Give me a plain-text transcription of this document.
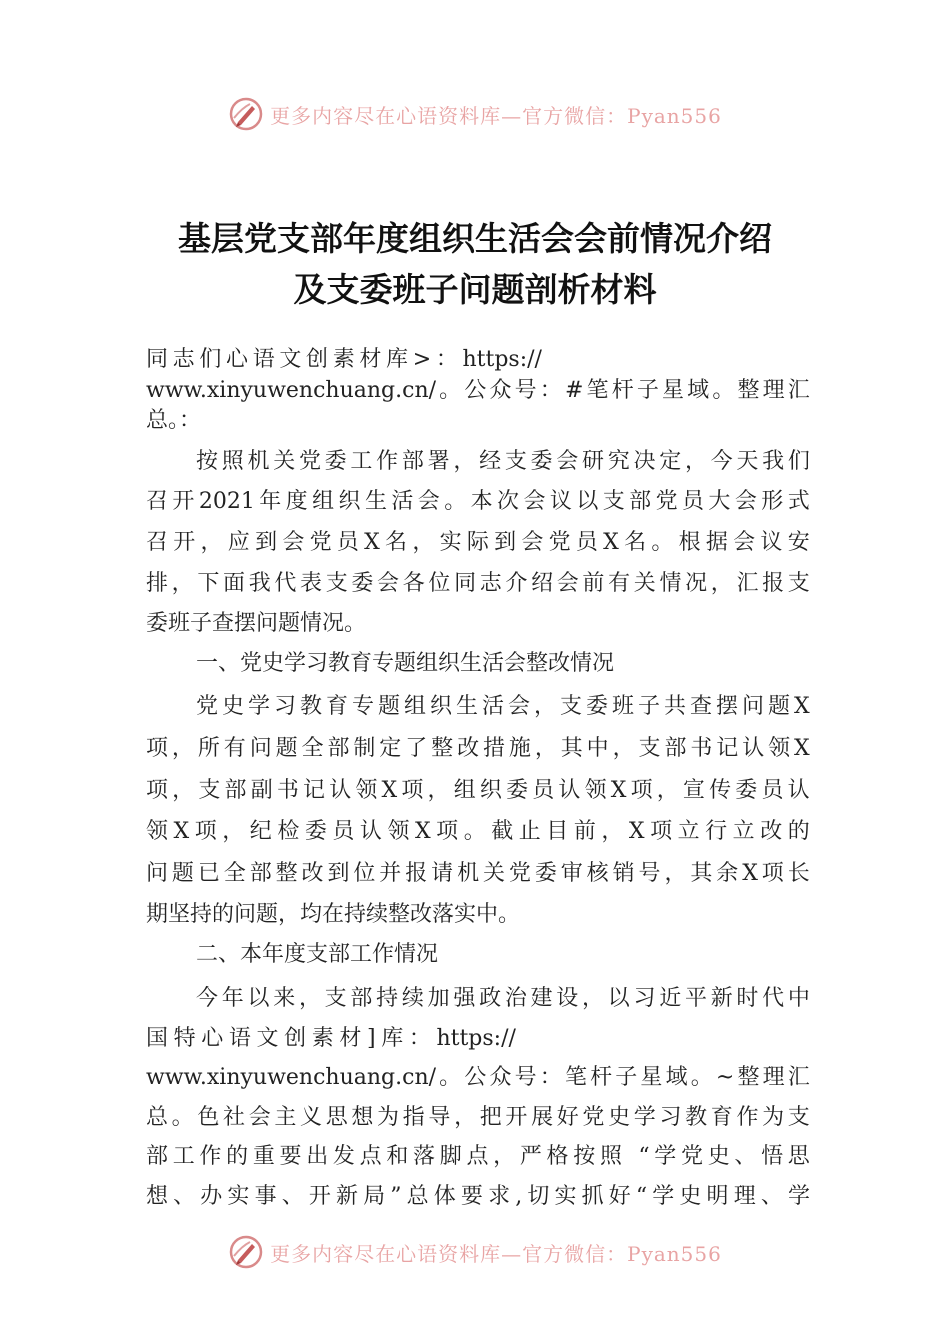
更多内容尽在心语资料库—官方微信：Pyan556
基层党支部年度组织生活会会前情况介绍
及支委班子问题剖析材料
同 志 们 心 语 文 创 素 材 库 > ： https://
www.xinyuwenchuang.cn/ 。 公 众 号 ： # 笔 杆 子 星 域 。 整 理 汇
总。：
按 照 机 关 党 委 工 作 部 署 ， 经 支 委 会 研 究 决 定 ， 今 天 我 们
召 开 2021 年 度 组 织 生 活 会 。 本 次 会 议 以 支 部 党 员 大 会 形 式
召 开 ， 应 到 会 党 员 X 名 ， 实 际 到 会 党 员 X 名 。 根 据 会 议 安
排 ， 下 面 我 代 表 支 委 会 各 位 同 志 介 绍 会 前 有 关 情 况 ， 汇 报 支
委班子查摆问题情况。
一、党史学习教育专题组织生活会整改情况
党 史 学 习 教 育 专 题 组 织 生 活 会 ， 支 委 班 子 共 查 摆 问 题 X
项 ， 所 有 问 题 全 部 制 定 了 整 改 措 施 ， 其 中 ， 支 部 书 记 认 领 X
项 ， 支 部 副 书 记 认 领 X 项 ， 组 织 委 员 认 领 X 项 ， 宣 传 委 员 认
领 X 项 ， 纪 检 委 员 认 领 X 项 。 截 止 目 前 ， X 项 立 行 立 改 的
问 题 已 全 部 整 改 到 位 并 报 请 机 关 党 委 审 核 销 号 ， 其 余 X 项 长
期坚持的问题，均在持续整改落实中。
二、本年度支部工作情况
今 年 以 来 ， 支 部 持 续 加 强 政 治 建 设 ， 以 习 近 平 新 时 代 中
国 特 心 语 文 创 素 材 ] 库 ： https://
www.xinyuwenchuang.cn/ 。 公 众 号 ： 笔 杆 子 星 域 。 ~ 整 理 汇
总 。 色 社 会 主 义 思 想 为 指 导 ， 把 开 展 好 党 史 学 习 教 育 作 为 支
部 工 作 的 重 要 出 发 点 和 落 脚 点 ， 严 格 按 照
“ 学 党 史 、 悟 思
想 、 办 实 事 、 开 新 局 ” 总 体 要 求 , 切 实 抓 好 “ 学 史 明 理 、 学
更多内容尽在心语资料库—官方微信：Pyan556
